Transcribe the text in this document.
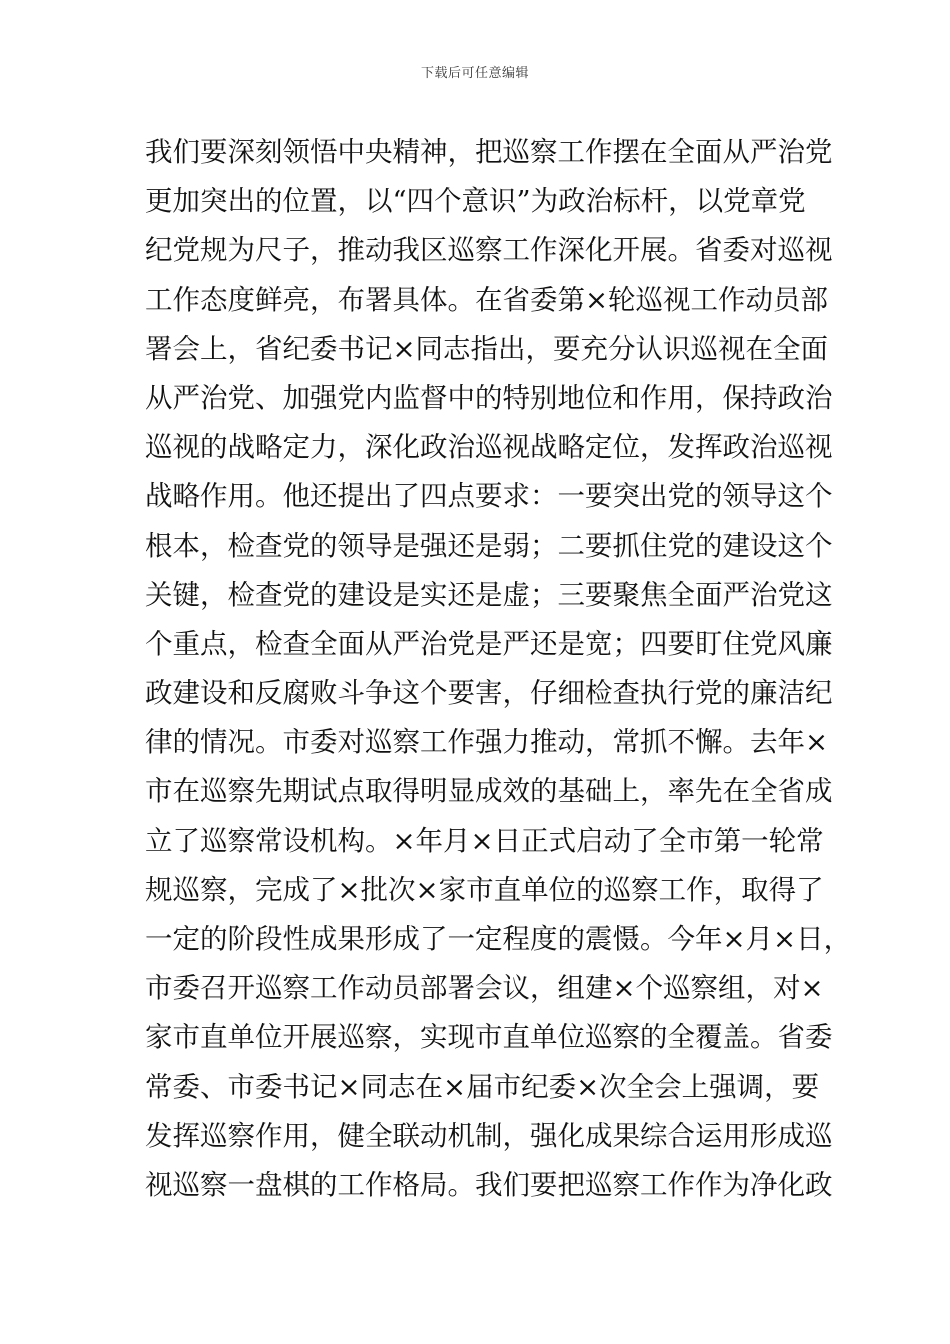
下载后可任意编辑
我们要深刻领悟中央精神，把巡察工作摆在全面从严治党
更加突出的位置，以“四个意识”为政治标杆，以党章党
纪党规为尺子，推动我区巡察工作深化开展。省委对巡视
工作态度鲜亮，布署具体。在省委第×轮巡视工作动员部
署会上，省纪委书记×同志指出，要充分认识巡视在全面
从严治党、加强党内监督中的特别地位和作用，保持政治
巡视的战略定力，深化政治巡视战略定位，发挥政治巡视
战略作用。他还提出了四点要求：一要突出党的领导这个
根本，检查党的领导是强还是弱；二要抓住党的建设这个
关键，检查党的建设是实还是虚；三要聚焦全面严治党这
个重点，检查全面从严治党是严还是宽；四要盯住党风廉
政建设和反腐败斗争这个要害，仔细检查执行党的廉洁纪
律的情况。市委对巡察工作强力推动，常抓不懈。去年×
市在巡察先期试点取得明显成效的基础上，率先在全省成
立了巡察常设机构。×年月×日正式启动了全市第一轮常
规巡察，完成了×批次×家市直单位的巡察工作，取得了
一定的阶段性成果形成了一定程度的震慑。今年×月×日，
市委召开巡察工作动员部署会议，组建×个巡察组，对×
家市直单位开展巡察，实现市直单位巡察的全覆盖。省委
常委、市委书记×同志在×届市纪委×次全会上强调，要
发挥巡察作用，健全联动机制，强化成果综合运用形成巡
视巡察一盘棋的工作格局。我们要把巡察工作作为净化政
